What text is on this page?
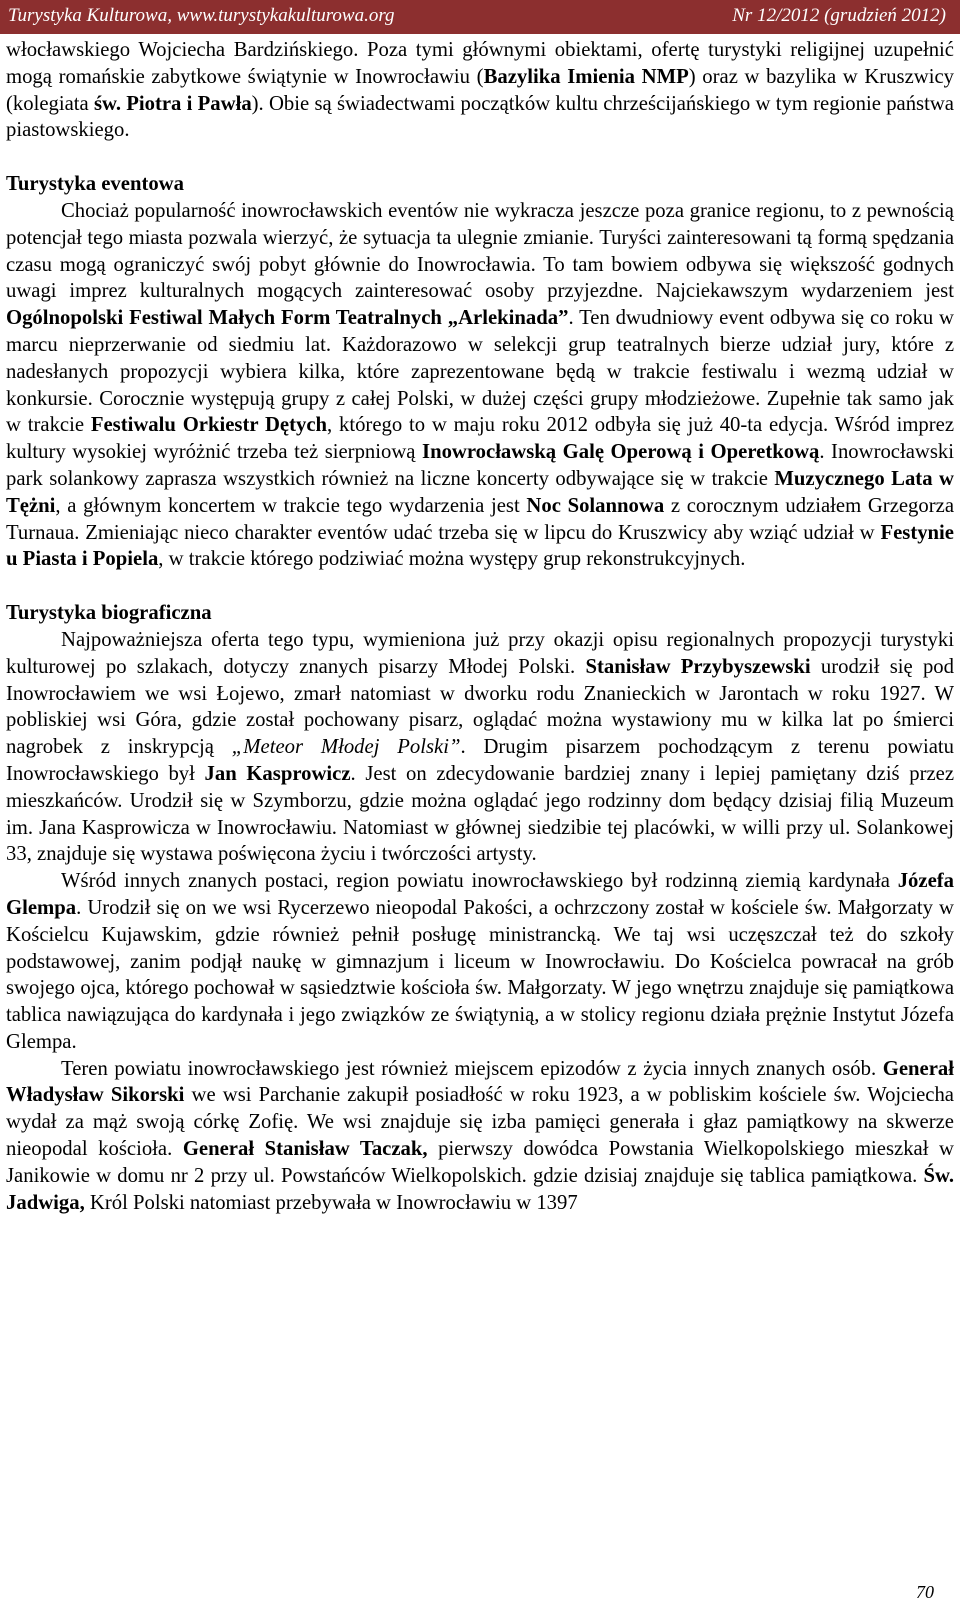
Turystyka Kulturowa, www.turystykakulturowa.org	Nr 12/2012 (grudzień 2012)

włocławskiego Wojciecha Bardzińskiego. Poza tymi głównymi obiektami, ofertę turystyki religijnej uzupełnić mogą romańskie zabytkowe świątynie w Inowrocławiu (Bazylika Imienia NMP) oraz w bazylika w Kruszwicy (kolegiata św. Piotra i Pawła). Obie są świadectwami początków kultu chrześcijańskiego w tym regionie państwa piastowskiego.

Turystyka eventowa

Chociaż popularność inowrocławskich eventów nie wykracza jeszcze poza granice regionu, to z pewnością potencjał tego miasta pozwala wierzyć, że sytuacja ta ulegnie zmianie. Turyści zainteresowani tą formą spędzania czasu mogą ograniczyć swój pobyt głównie do Inowrocławia. To tam bowiem odbywa się większość godnych uwagi imprez kulturalnych mogących zainteresować osoby przyjezdne. Najciekawszym wydarzeniem jest Ogólnopolski Festiwal Małych Form Teatralnych „Arlekinada”. Ten dwudniowy event odbywa się co roku w marcu nieprzerwanie od siedmiu lat. Każdorazowo w selekcji grup teatralnych bierze udział jury, które z nadesłanych propozycji wybiera kilka, które zaprezentowane będą w trakcie festiwalu i wezmą udział w konkursie. Corocznie występują grupy z całej Polski, w dużej części grupy młodzieżowe. Zupełnie tak samo jak w trakcie Festiwalu Orkiestr Dętych, którego to w maju roku 2012 odbyła się już 40-ta edycja. Wśród imprez kultury wysokiej wyróżnić trzeba też sierpniową Inowrocławską Galę Operową i Operetkową. Inowrocławski park solankowy zaprasza wszystkich również na liczne koncerty odbywające się w trakcie Muzycznego Lata w Tężni, a głównym koncertem w trakcie tego wydarzenia jest Noc Solannowa z corocznym udziałem Grzegorza Turnaua. Zmieniając nieco charakter eventów udać trzeba się w lipcu do Kruszwicy aby wziąć udział w Festynie u Piasta i Popiela, w trakcie którego podziwiać można występy grup rekonstrukcyjnych.

Turystyka biograficzna

Najpoważniejsza oferta tego typu, wymieniona już przy okazji opisu regionalnych propozycji turystyki kulturowej po szlakach, dotyczy znanych pisarzy Młodej Polski. Stanisław Przybyszewski urodził się pod Inowrocławiem we wsi Łojewo, zmarł natomiast w dworku rodu Znanieckich w Jarontach w roku 1927. W pobliskiej wsi Góra, gdzie został pochowany pisarz, oglądać można wystawiony mu w kilka lat po śmierci nagrobek z inskrypcją „Meteor Młodej Polski”. Drugim pisarzem pochodzącym z terenu powiatu Inowrocławskiego był Jan Kasprowicz. Jest on zdecydowanie bardziej znany i lepiej pamiętany dziś przez mieszkańców. Urodził się w Szymborzu, gdzie można oglądać jego rodzinny dom będący dzisiaj filią Muzeum im. Jana Kasprowicza w Inowrocławiu. Natomiast w głównej siedzibie tej placówki, w willi przy ul. Solankowej 33, znajduje się wystawa poświęcona życiu i twórczości artysty.

Wśród innych znanych postaci, region powiatu inowrocławskiego był rodzinną ziemią kardynała Józefa Glempa. Urodził się on we wsi Rycerzewo nieopodal Pakości, a ochrzczony został w kościele św. Małgorzaty w Kościelcu Kujawskim, gdzie również pełnił posługę ministrancką. We taj wsi uczęszczał też do szkoły podstawowej, zanim podjął naukę w gimnazjum i liceum w Inowrocławiu. Do Kościelca powracał na grób swojego ojca, którego pochował w sąsiedztwie kościoła św. Małgorzaty. W jego wnętrzu znajduje się pamiątkowa tablica nawiązująca do kardynała i jego związków ze świątynią, a w stolicy regionu działa prężnie Instytut Józefa Glempa.

Teren powiatu inowrocławskiego jest również miejscem epizodów z życia innych znanych osób. Generał Władysław Sikorski we wsi Parchanie zakupił posiadłość w roku 1923, a w pobliskim kościele św. Wojciecha wydał za mąż swoją córkę Zofię. We wsi znajduje się izba pamięci generała i głaz pamiątkowy na skwerze nieopodal kościoła. Generał Stanisław Taczak, pierwszy dowódca Powstania Wielkopolskiego mieszkał w Janikowie w domu nr 2 przy ul. Powstańców Wielkopolskich. gdzie dzisiaj znajduje się tablica pamiątkowa. Św. Jadwiga, Król Polski natomiast przebywała w Inowrocławiu w 1397

70
